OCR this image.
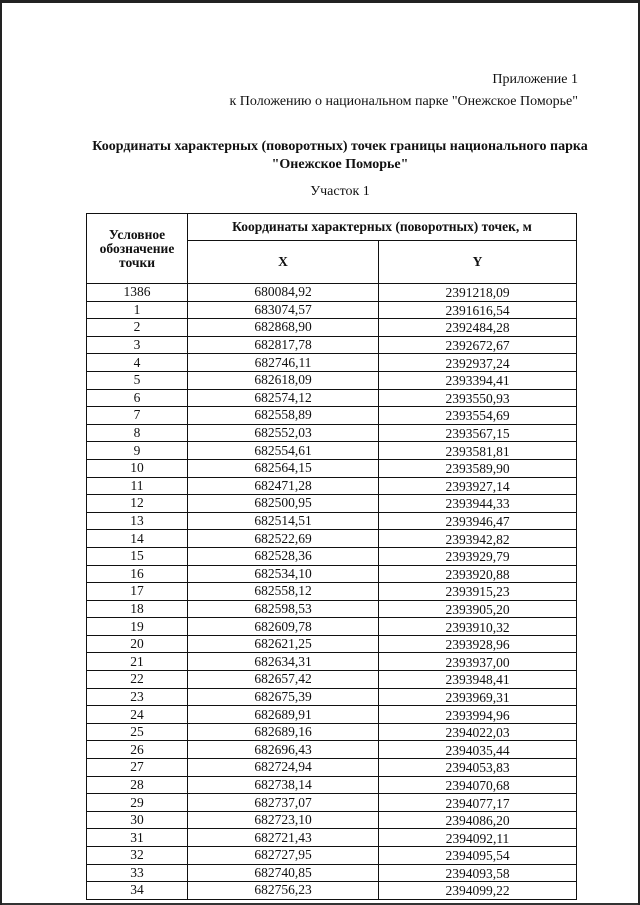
Приложение 1
к Положению о национальном парке "Онежское Поморье"
Координаты характерных (поворотных) точек границы национального парка
"Онежское Поморье"
Участок 1
Условное обозначение точки	Координаты характерных (поворотных) точек, м	
	X	Y
1386	680084,92	2391218,09
1	683074,57	2391616,54
2	682868,90	2392484,28
3	682817,78	2392672,67
4	682746,11	2392937,24
5	682618,09	2393394,41
6	682574,12	2393550,93
7	682558,89	2393554,69
8	682552,03	2393567,15
9	682554,61	2393581,81
10	682564,15	2393589,90
11	682471,28	2393927,14
12	682500,95	2393944,33
13	682514,51	2393946,47
14	682522,69	2393942,82
15	682528,36	2393929,79
16	682534,10	2393920,88
17	682558,12	2393915,23
18	682598,53	2393905,20
19	682609,78	2393910,32
20	682621,25	2393928,96
21	682634,31	2393937,00
22	682657,42	2393948,41
23	682675,39	2393969,31
24	682689,91	2393994,96
25	682689,16	2394022,03
26	682696,43	2394035,44
27	682724,94	2394053,83
28	682738,14	2394070,68
29	682737,07	2394077,17
30	682723,10	2394086,20
31	682721,43	2394092,11
32	682727,95	2394095,54
33	682740,85	2394093,58
34	682756,23	2394099,22
